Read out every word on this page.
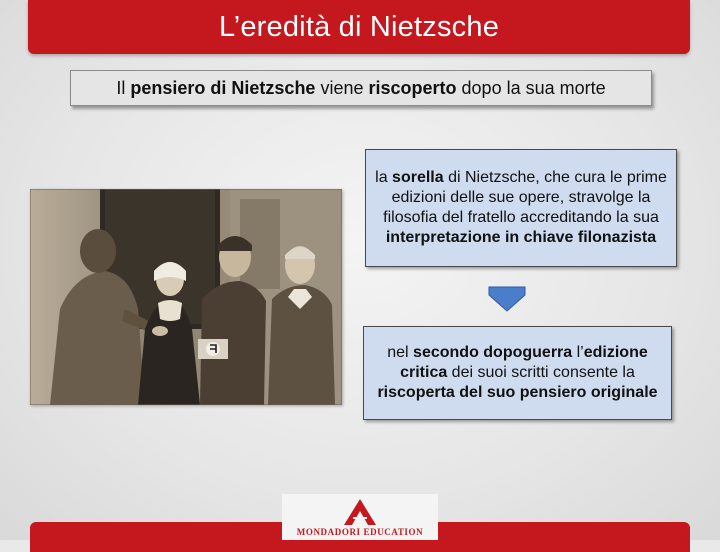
L’eredità di Nietzsche
Il pensiero di Nietzsche viene riscoperto dopo la sua morte
la sorella di Nietzsche, che cura le prime edizioni delle sue opere, stravolge la filosofia del fratello accreditando la sua interpretazione in chiave filonazista
nel secondo dopoguerra l’edizione critica dei suoi scritti consente la riscoperta del suo pensiero originale
MONDADORI EDUCATION
